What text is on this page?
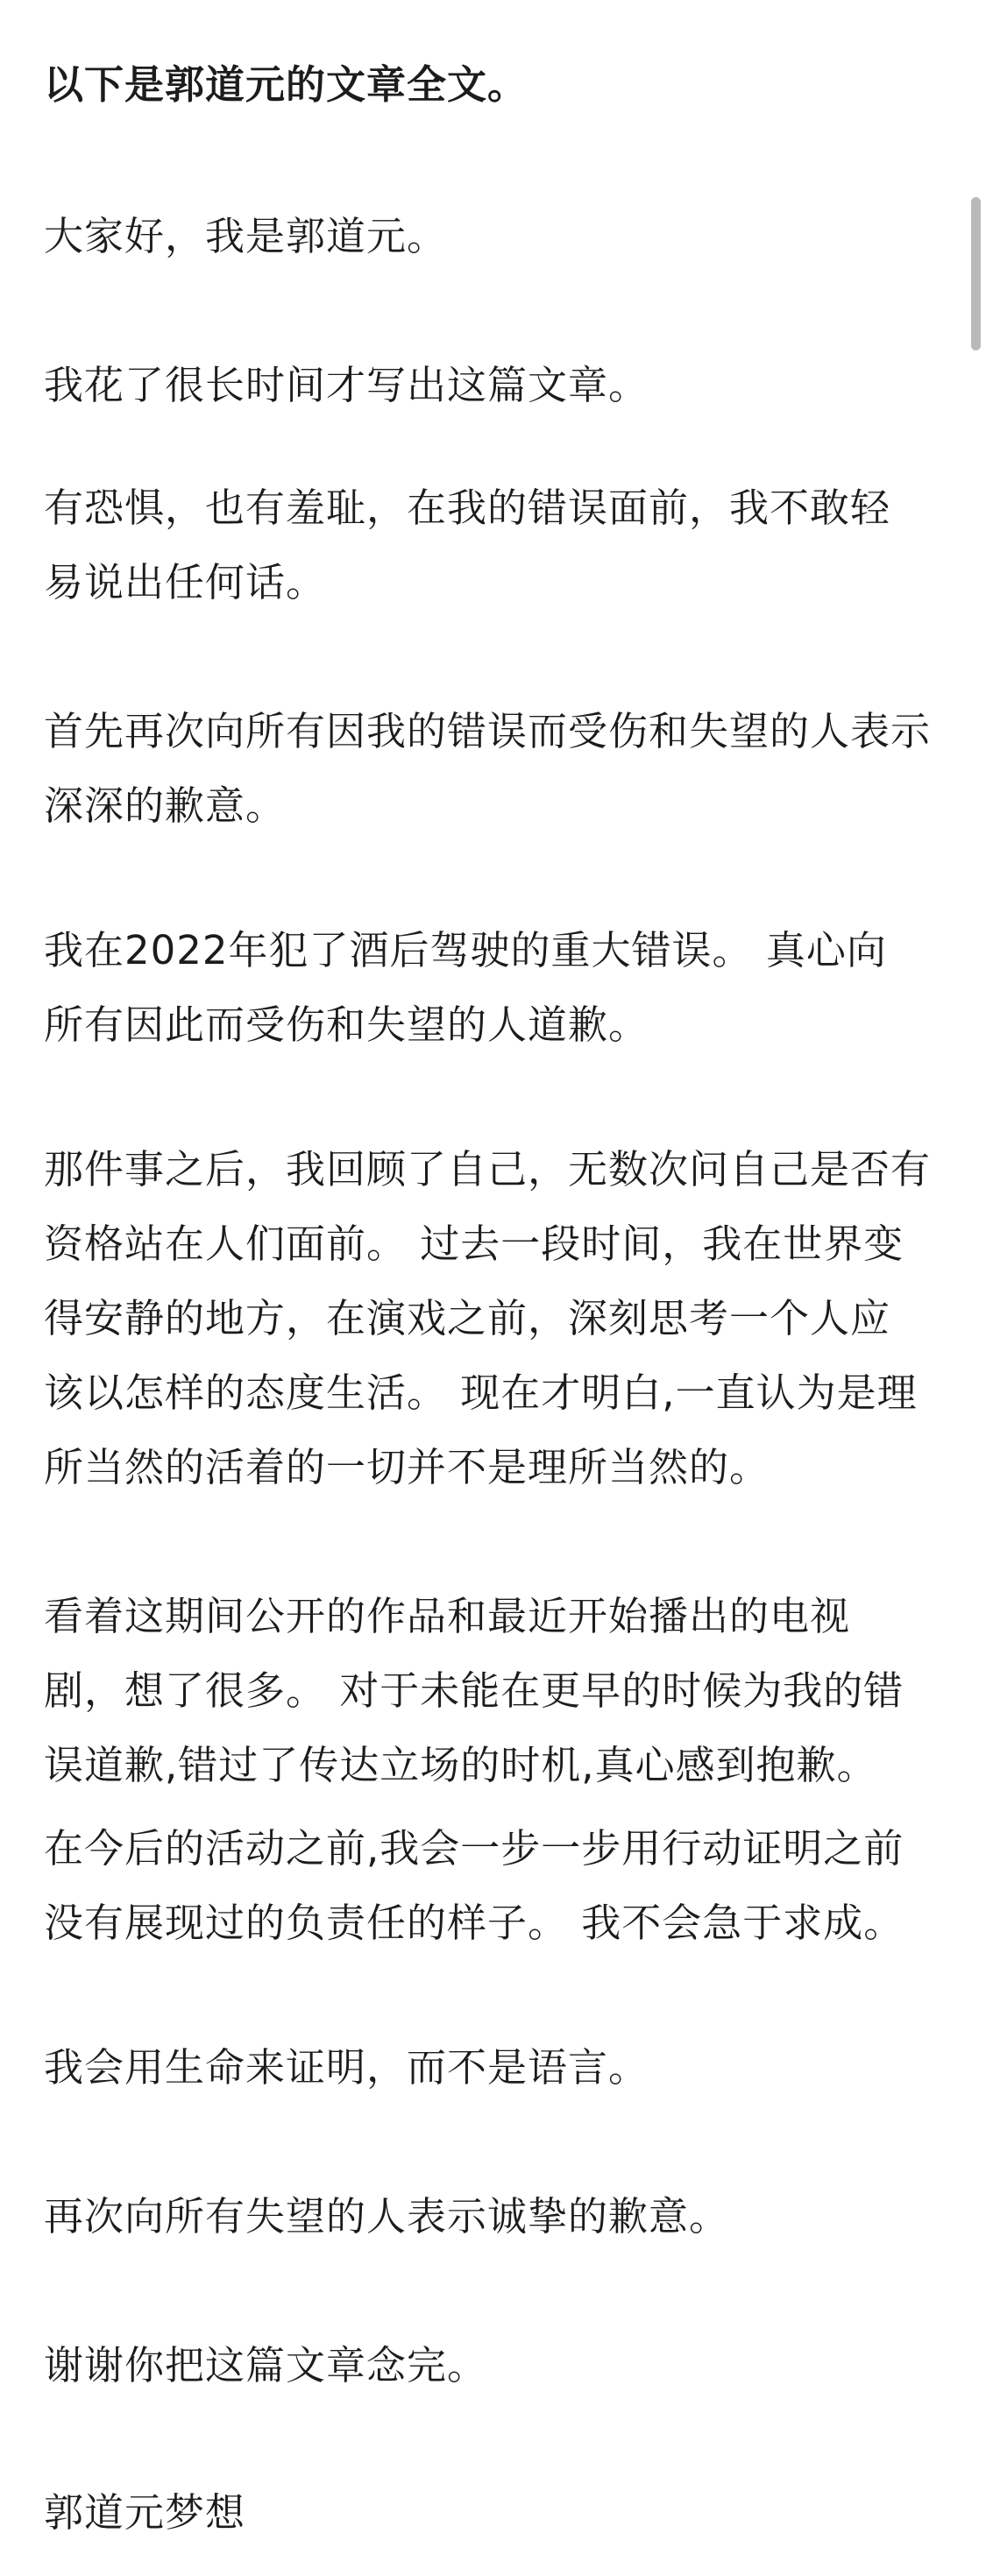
以下是郭道元的文章全文。
大家好，我是郭道元。
我花了很长时间才写出这篇文章。
有恐惧，也有羞耻，在我的错误面前，我不敢轻
易说出任何话。
首先再次向所有因我的错误而受伤和失望的人表示
深深的歉意。
我在2022年犯了酒后驾驶的重大错误。 真心向
所有因此而受伤和失望的人道歉。
那件事之后，我回顾了自己，无数次问自己是否有
资格站在人们面前。 过去一段时间，我在世界变
得安静的地方，在演戏之前，深刻思考一个人应
该以怎样的态度生活。 现在才明白,一直认为是理
所当然的活着的一切并不是理所当然的。
看着这期间公开的作品和最近开始播出的电视
剧，想了很多。 对于未能在更早的时候为我的错
误道歉,错过了传达立场的时机,真心感到抱歉。
在今后的活动之前,我会一步一步用行动证明之前
没有展现过的负责任的样子。 我不会急于求成。
我会用生命来证明，而不是语言。
再次向所有失望的人表示诚挚的歉意。
谢谢你把这篇文章念完。
郭道元梦想
